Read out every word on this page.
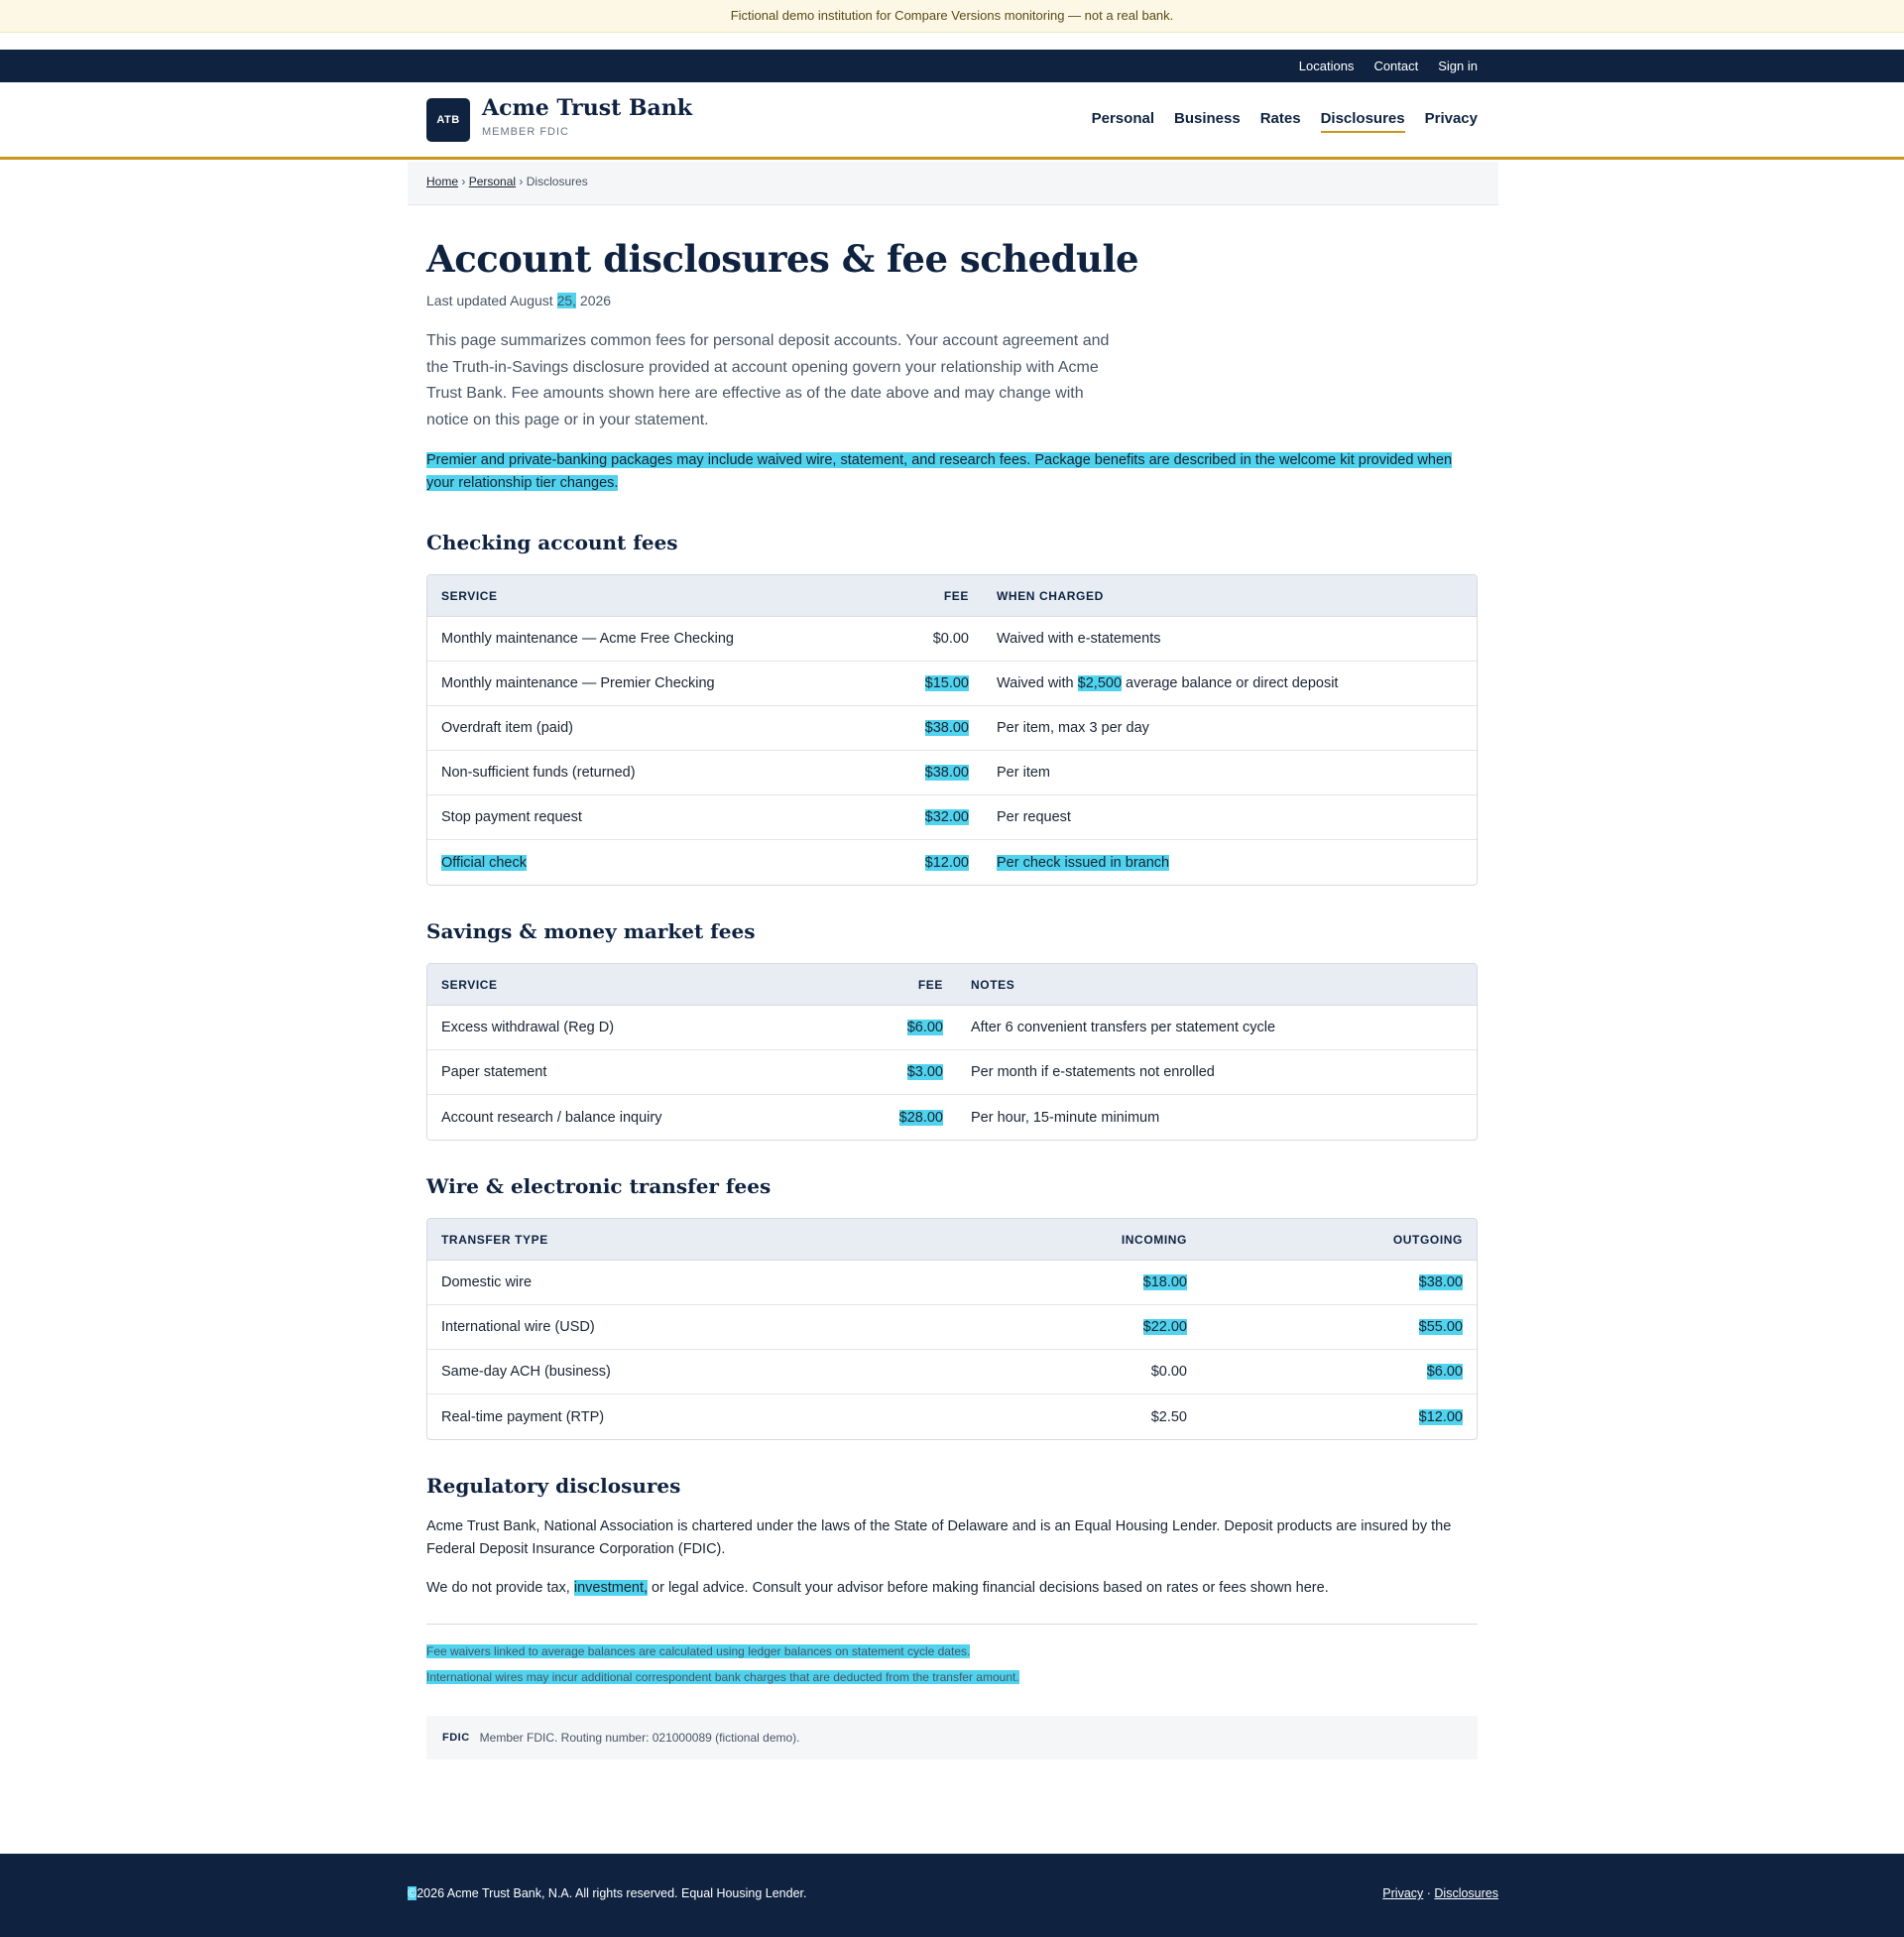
Fictional demo institution for Compare Versions monitoring — not a real bank.
Locations Contact Sign in
ATB	Acme Trust Bank
MEMBER FDIC
Personal Business Rates Disclosures Privacy
Home › Personal › Disclosures
Account disclosures & fee schedule

Last updated August 25, 2026

This page summarizes common fees for personal deposit accounts. Your account agreement and the Truth-in-Savings disclosure provided at account opening govern your relationship with Acme Trust Bank. Fee amounts shown here are effective as of the date above and may change with notice on this page or in your statement.

Premier and private-banking packages may include waived wire, statement, and research fees. Package benefits are described in the welcome kit provided when your relationship tier changes.

Checking account fees
SERVICE	FEE	WHEN CHARGED
Monthly maintenance — Acme Free Checking	$0.00	Waived with e-statements
Monthly maintenance — Premier Checking	$15.00	Waived with $2,500 average balance or direct deposit
Overdraft item (paid)	$38.00	Per item, max 3 per day
Non-sufficient funds (returned)	$38.00	Per item
Stop payment request	$32.00	Per request
Official check	$12.00	Per check issued in branch
Savings & money market fees
SERVICE	FEE	NOTES
Excess withdrawal (Reg D)	$6.00	After 6 convenient transfers per statement cycle
Paper statement	$3.00	Per month if e-statements not enrolled
Account research / balance inquiry	$28.00	Per hour, 15-minute minimum
Wire & electronic transfer fees
TRANSFER TYPE	INCOMING	OUTGOING
Domestic wire	$18.00	$38.00
International wire (USD)	$22.00	$55.00
Same-day ACH (business)	$0.00	$6.00
Real-time payment (RTP)	$2.50	$12.00
Regulatory disclosures

Acme Trust Bank, National Association is chartered under the laws of the State of Delaware and is an Equal Housing Lender. Deposit products are insured by the Federal Deposit Insurance Corporation (FDIC).

We do not provide tax, investment, or legal advice. Consult your advisor before making financial decisions based on rates or fees shown here.

Fee waivers linked to average balances are calculated using ledger balances on statement cycle dates.

International wires may incur additional correspondent bank charges that are deducted from the transfer amount.

FDIC Member FDIC. Routing number: 021000089 (fictional demo).
©2026 Acme Trust Bank, N.A. All rights reserved. Equal Housing Lender.	Privacy · Disclosures
